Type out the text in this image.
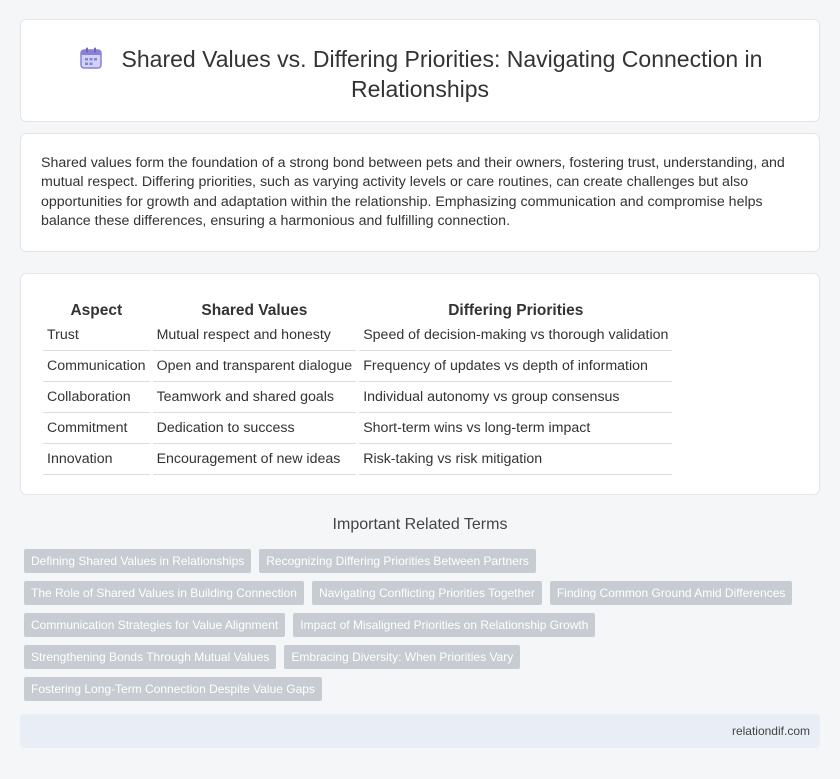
Shared Values vs. Differing Priorities: Navigating Connection in Relationships

Shared values form the foundation of a strong bond between pets and their owners, fostering trust, understanding, and mutual respect. Differing priorities, such as varying activity levels or care routines, can create challenges but also opportunities for growth and adaptation within the relationship. Emphasizing communication and compromise helps balance these differences, ensuring a harmonious and fulfilling connection.

Aspect		Shared Values		Differing Priorities
Trust		Mutual respect and honesty		Speed of decision-making vs thorough validation
Communication		Open and transparent dialogue		Frequency of updates vs depth of information
Collaboration		Teamwork and shared goals		Individual autonomy vs group consensus
Commitment		Dedication to success		Short-term wins vs long-term impact
Innovation		Encouragement of new ideas		Risk-taking vs risk mitigation
Important Related Terms
Defining Shared Values in Relationships	Recognizing Differing Priorities Between Partners
The Role of Shared Values in Building Connection	Navigating Conflicting Priorities Together	Finding Common Ground Amid Differences
Communication Strategies for Value Alignment	Impact of Misaligned Priorities on Relationship Growth
Strengthening Bonds Through Mutual Values	Embracing Diversity: When Priorities Vary
Fostering Long-Term Connection Despite Value Gaps
relationdif.com
